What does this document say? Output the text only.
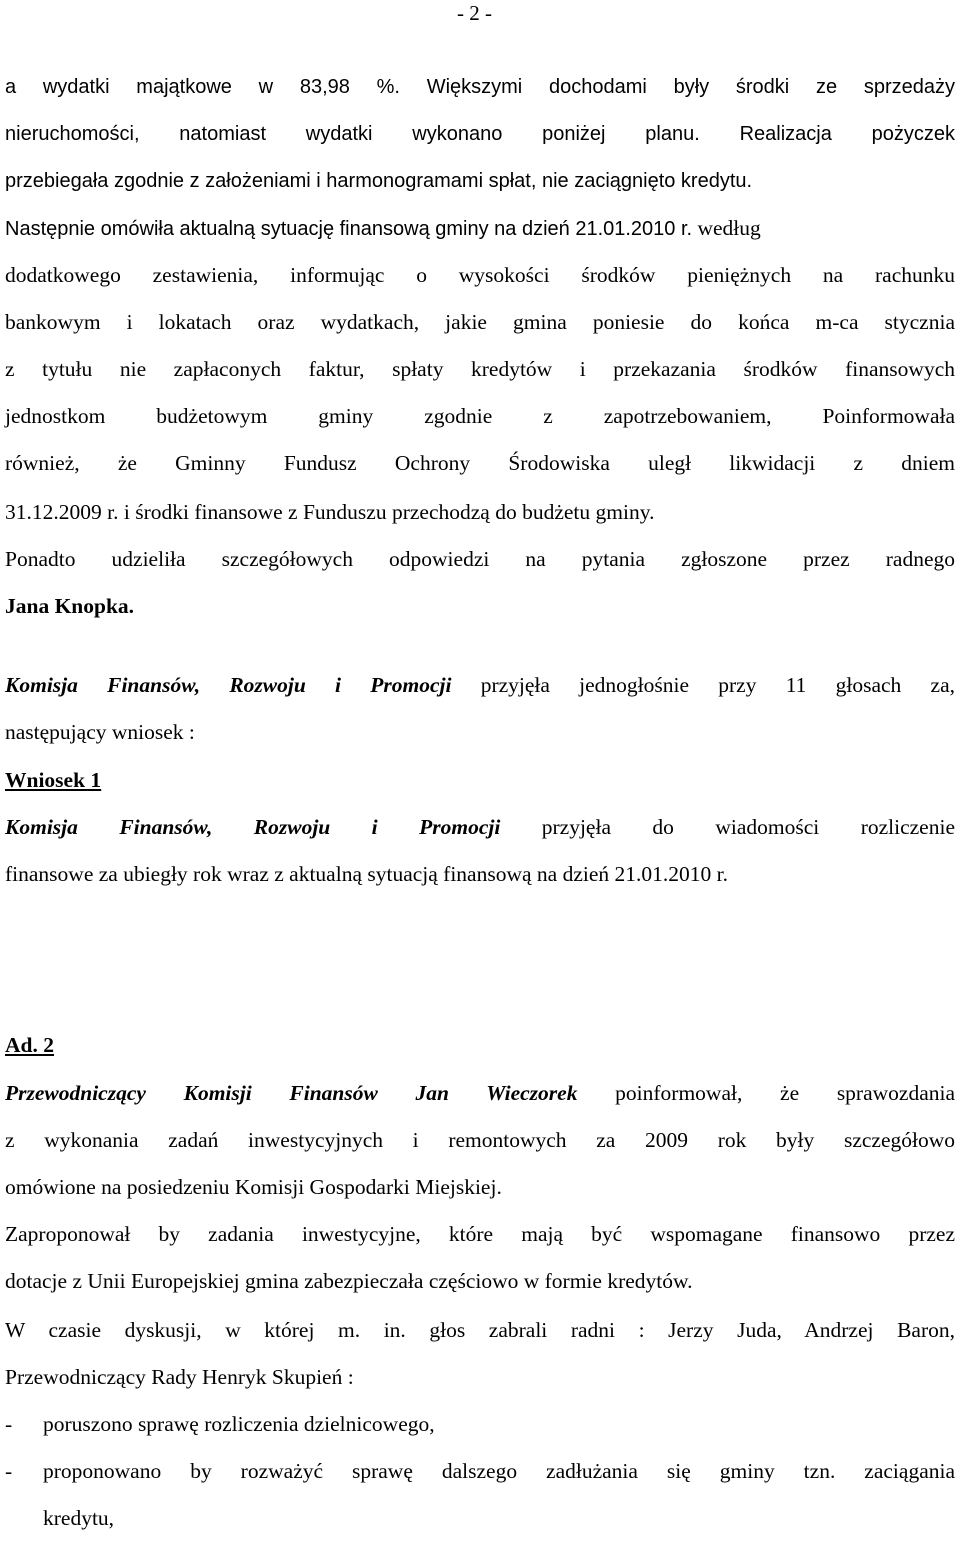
- 2 -
a wydatki majątkowe w 83,98 %. Większymi dochodami były środki ze sprzedaży
nieruchomości, natomiast wydatki wykonano poniżej planu. Realizacja pożyczek
przebiegała zgodnie z założeniami i harmonogramami spłat, nie zaciągnięto kredytu.
Następnie omówiła aktualną sytuację finansową gminy na dzień 21.01.2010 r. według
dodatkowego zestawienia, informując o wysokości środków pieniężnych na rachunku
bankowym i lokatach oraz wydatkach, jakie gmina poniesie do końca m-ca stycznia
z tytułu nie zapłaconych faktur, spłaty kredytów i przekazania środków finansowych
jednostkom budżetowym gminy zgodnie z zapotrzebowaniem, Poinformowała
również, że Gminny Fundusz Ochrony Środowiska uległ likwidacji z dniem
31.12.2009 r. i środki finansowe z Funduszu przechodzą do budżetu gminy.
Ponadto udzieliła szczegółowych odpowiedzi na pytania zgłoszone przez radnego
Jana Knopka.
Komisja Finansów, Rozwoju i Promocji przyjęła jednogłośnie przy 11 głosach za,
następujący wniosek :
Wniosek 1
Komisja Finansów, Rozwoju i Promocji przyjęła do wiadomości rozliczenie
finansowe za ubiegły rok wraz z aktualną sytuacją finansową na dzień 21.01.2010 r.
Ad. 2
Przewodniczący Komisji Finansów Jan Wieczorek poinformował, że sprawozdania
z wykonania zadań inwestycyjnych i remontowych za 2009 rok były szczegółowo
omówione na posiedzeniu Komisji Gospodarki Miejskiej.
Zaproponował by zadania inwestycyjne, które mają być wspomagane finansowo przez
dotacje z Unii Europejskiej gmina zabezpieczała częściowo w formie kredytów.
W czasie dyskusji, w której m. in. głos zabrali radni : Jerzy Juda, Andrzej Baron,
Przewodniczący Rady Henryk Skupień :
- poruszono sprawę rozliczenia dzielnicowego,
- proponowano by rozważyć sprawę dalszego zadłużania się gminy tzn. zaciągania
kredytu,
